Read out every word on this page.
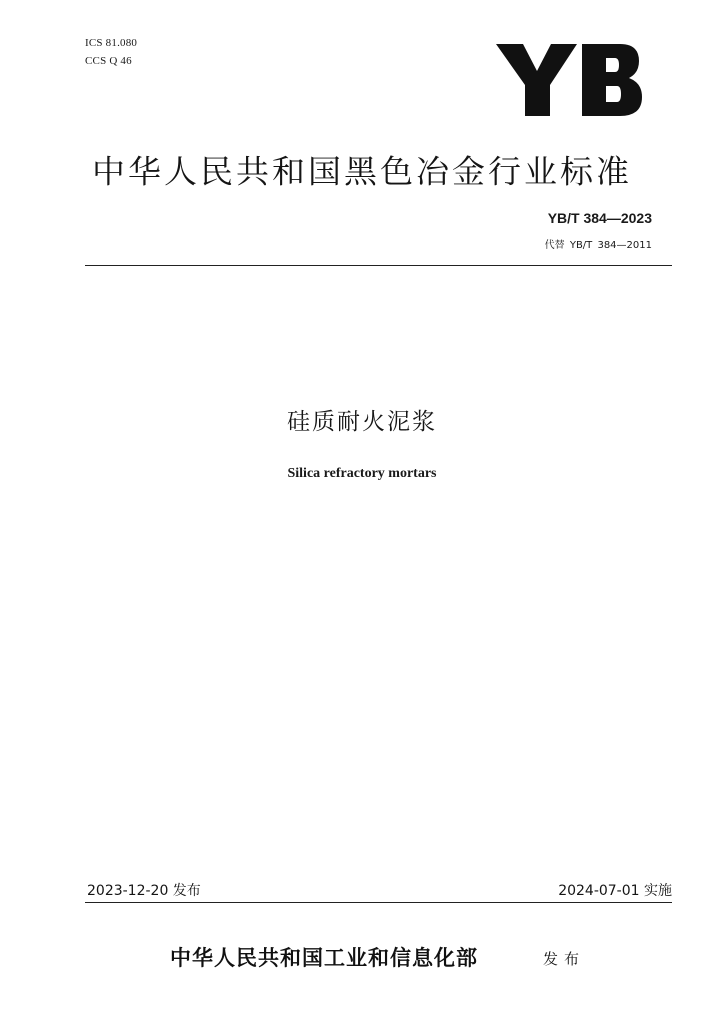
ICS 81.080
CCS Q 46
中华人民共和国黑色冶金行业标准
YB/T 384—2023
代替 YB/T 384—2011
硅质耐火泥浆
Silica refractory mortars
2023-12-20 发布	2024-07-01 实施
中华人民共和国工业和信息化部	发布
